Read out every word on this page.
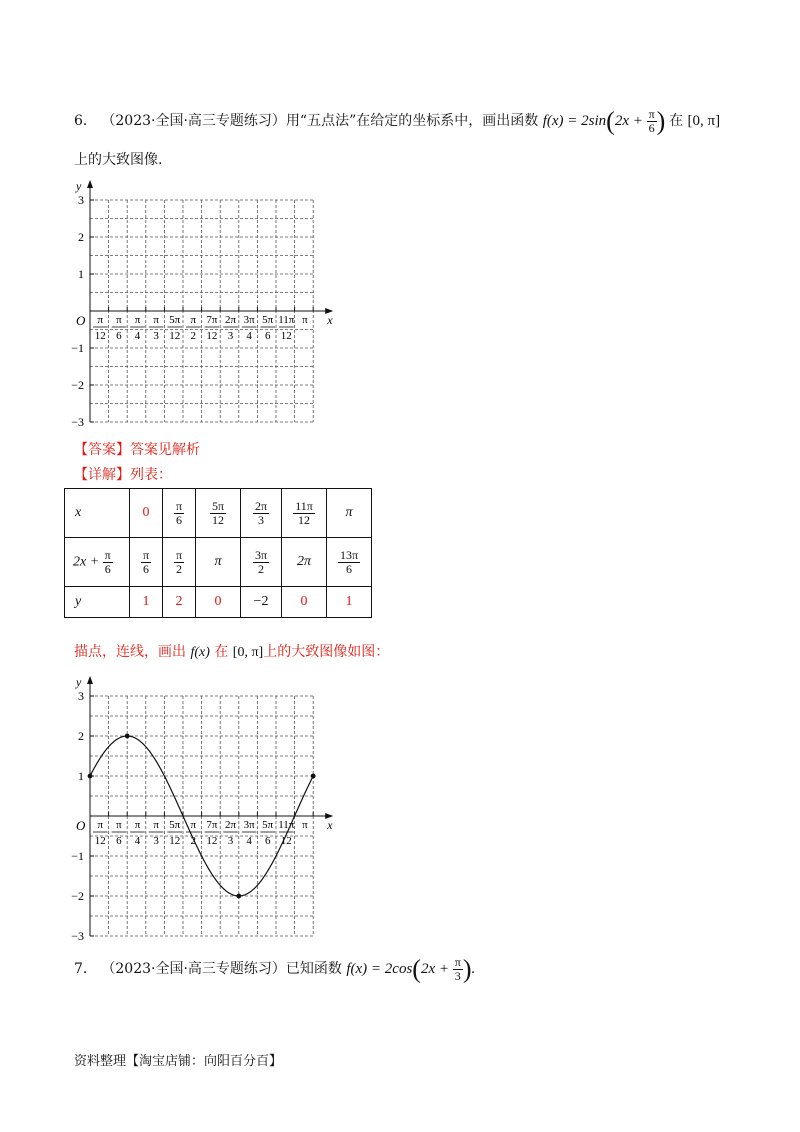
6． （2023·全国·高三专题练习）用“五点法”在给定的坐标系中，画出函数 $f(x) = 2\sin(2x + \frac{\pi}{6}$ ) 在 [0, π]
上的大致图像.
y
x
O
3
2
1
−1
−2
−3
π
12
π
6
π
4
π
3
5π
12
π
2
7π
12
2π
3
3π
4
5π
6
11π
12
π
【答案】答案见解析
【详解】列表：
x	0	$\frac{\pi}{6}$	$\frac{5\pi}{12}$	$\frac{2\pi}{3}$	$\frac{11\pi}{12}$	π
$2x + \frac{\pi}{6}$	$\frac{\pi}{6}$	$\frac{\pi}{2}$	π	$\frac{3\pi}{2}$	2π	$\frac{13\pi}{6}$

y	1	2	0	−2	0	1
描点，连线，画出 f(x) 在 [0, π]上的大致图像如图：
y
x
O
3
2
1
−1
−2
−3
π
12
π
6
π
4
π
3
5π
12
π
2
7π
12
2π
3
3π
4
5π
6
11π
12
π
7． （2023·全国·高三专题练习）已知函数 $f(x) = 2\cos(2x + \frac{\pi}{3}$ ).
资料整理【淘宝店铺：向阳百分百】
